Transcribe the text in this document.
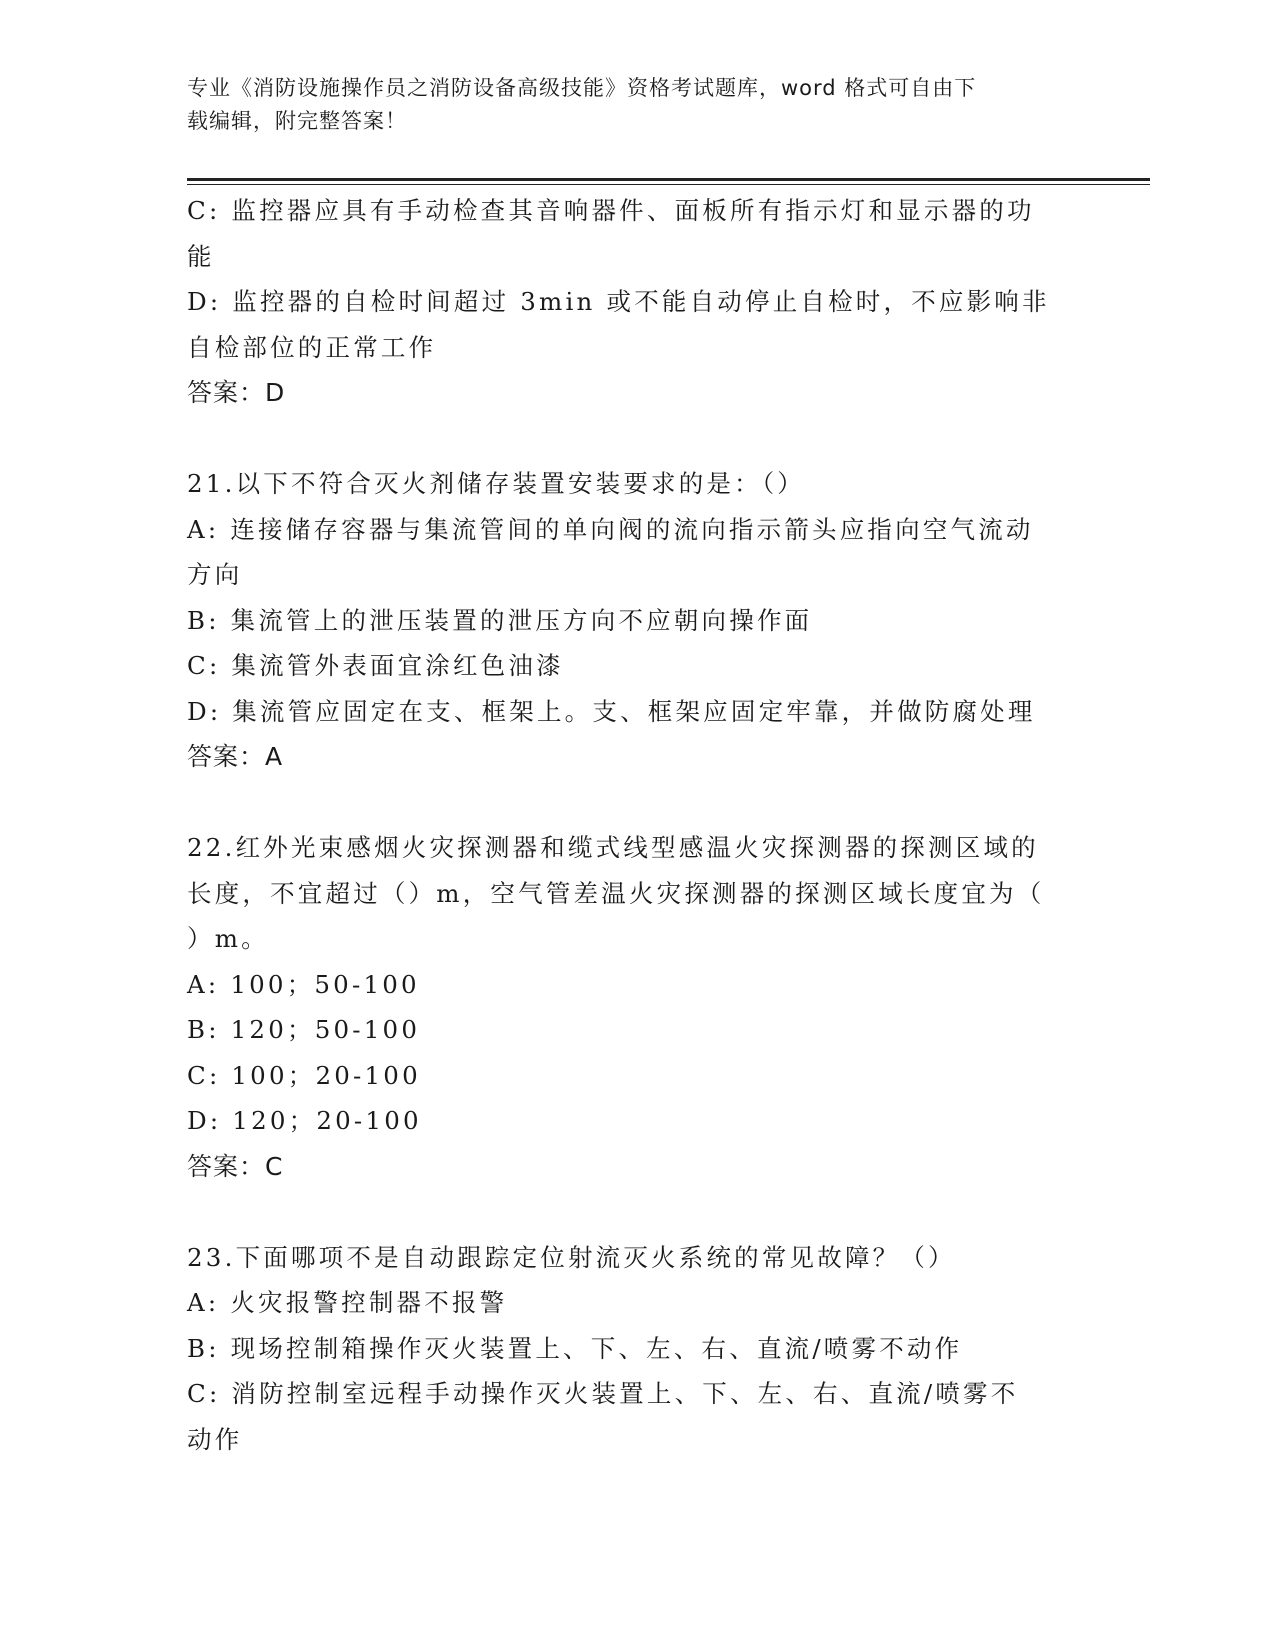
专业《消防设施操作员之消防设备高级技能》资格考试题库，word 格式可自由下
载编辑，附完整答案！
C: 监控器应具有手动检查其音响器件、面板所有指示灯和显示器的功
能
D: 监控器的自检时间超过 3min 或不能自动停止自检时，不应影响非
自检部位的正常工作
答案：D
21.以下不符合灭火剂储存装置安装要求的是：（）
A: 连接储存容器与集流管间的单向阀的流向指示箭头应指向空气流动
方向
B: 集流管上的泄压装置的泄压方向不应朝向操作面
C: 集流管外表面宜涂红色油漆
D: 集流管应固定在支、框架上。支、框架应固定牢靠，并做防腐处理
答案：A
22.红外光束感烟火灾探测器和缆式线型感温火灾探测器的探测区域的
长度，不宜超过（）m，空气管差温火灾探测器的探测区域长度宜为（
）m。
A: 100；50-100
B: 120；50-100
C: 100；20-100
D: 120；20-100
答案：C
23.下面哪项不是自动跟踪定位射流灭火系统的常见故障？（）
A: 火灾报警控制器不报警
B: 现场控制箱操作灭火装置上、下、左、右、直流/喷雾不动作
C: 消防控制室远程手动操作灭火装置上、下、左、右、直流/喷雾不
动作
